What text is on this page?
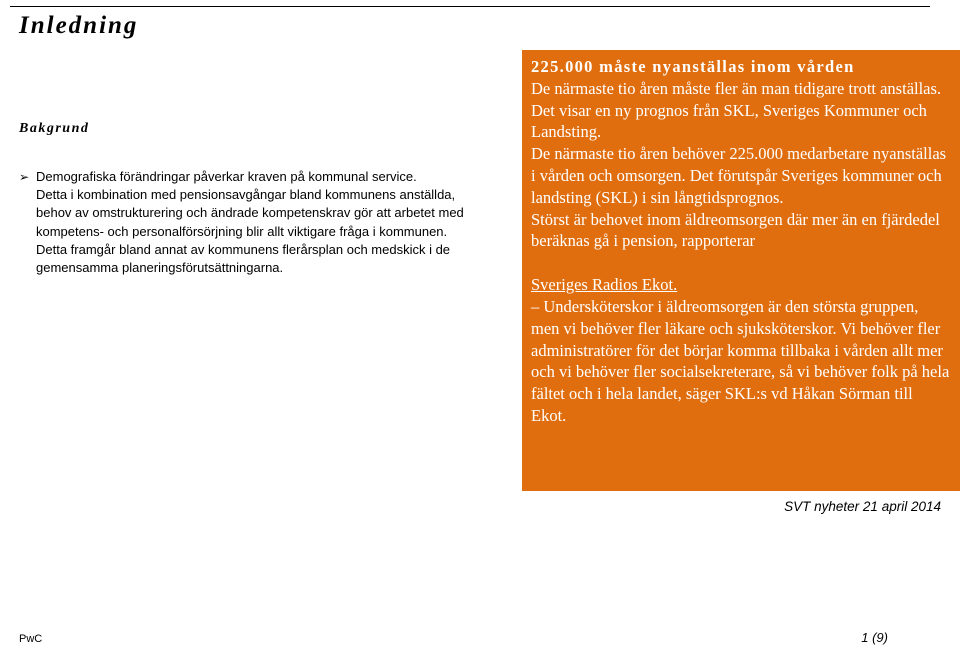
Inledning
Bakgrund
➢ Demografiska förändringar påverkar kraven på kommunal service.
Detta i kombination med pensionsavgångar bland kommunens anställda, behov av omstrukturering och ändrade kompetenskrav gör att arbetet med kompetens- och personalförsörjning blir allt viktigare fråga i kommunen.
Detta framgår bland annat av kommunens flerårsplan och medskick i de gemensamma planeringsförutsättningarna.

225.000 måste nyanställas inom vården

De närmaste tio åren måste fler än man tidigare trott anställas. Det visar en ny prognos från SKL, Sveriges Kommuner och Landsting.

De närmaste tio åren behöver 225.000 medarbetare nyanställas i vården och omsorgen. Det förutspår Sveriges kommuner och landsting (SKL) i sin långtidsprognos.

Störst är behovet inom äldreomsorgen där mer än en fjärdedel beräknas gå i pension, rapporterar

Sveriges Radios Ekot.

– Undersköterskor i äldreomsorgen är den största gruppen, men vi behöver fler läkare och sjuksköterskor. Vi behöver fler administratörer för det börjar komma tillbaka i vården allt mer och vi behöver fler socialsekreterare, så vi behöver folk på hela fältet och i hela landet, säger SKL:s vd Håkan Sörman till Ekot.

SVT nyheter 21 april 2014
PwC	1 (9)
